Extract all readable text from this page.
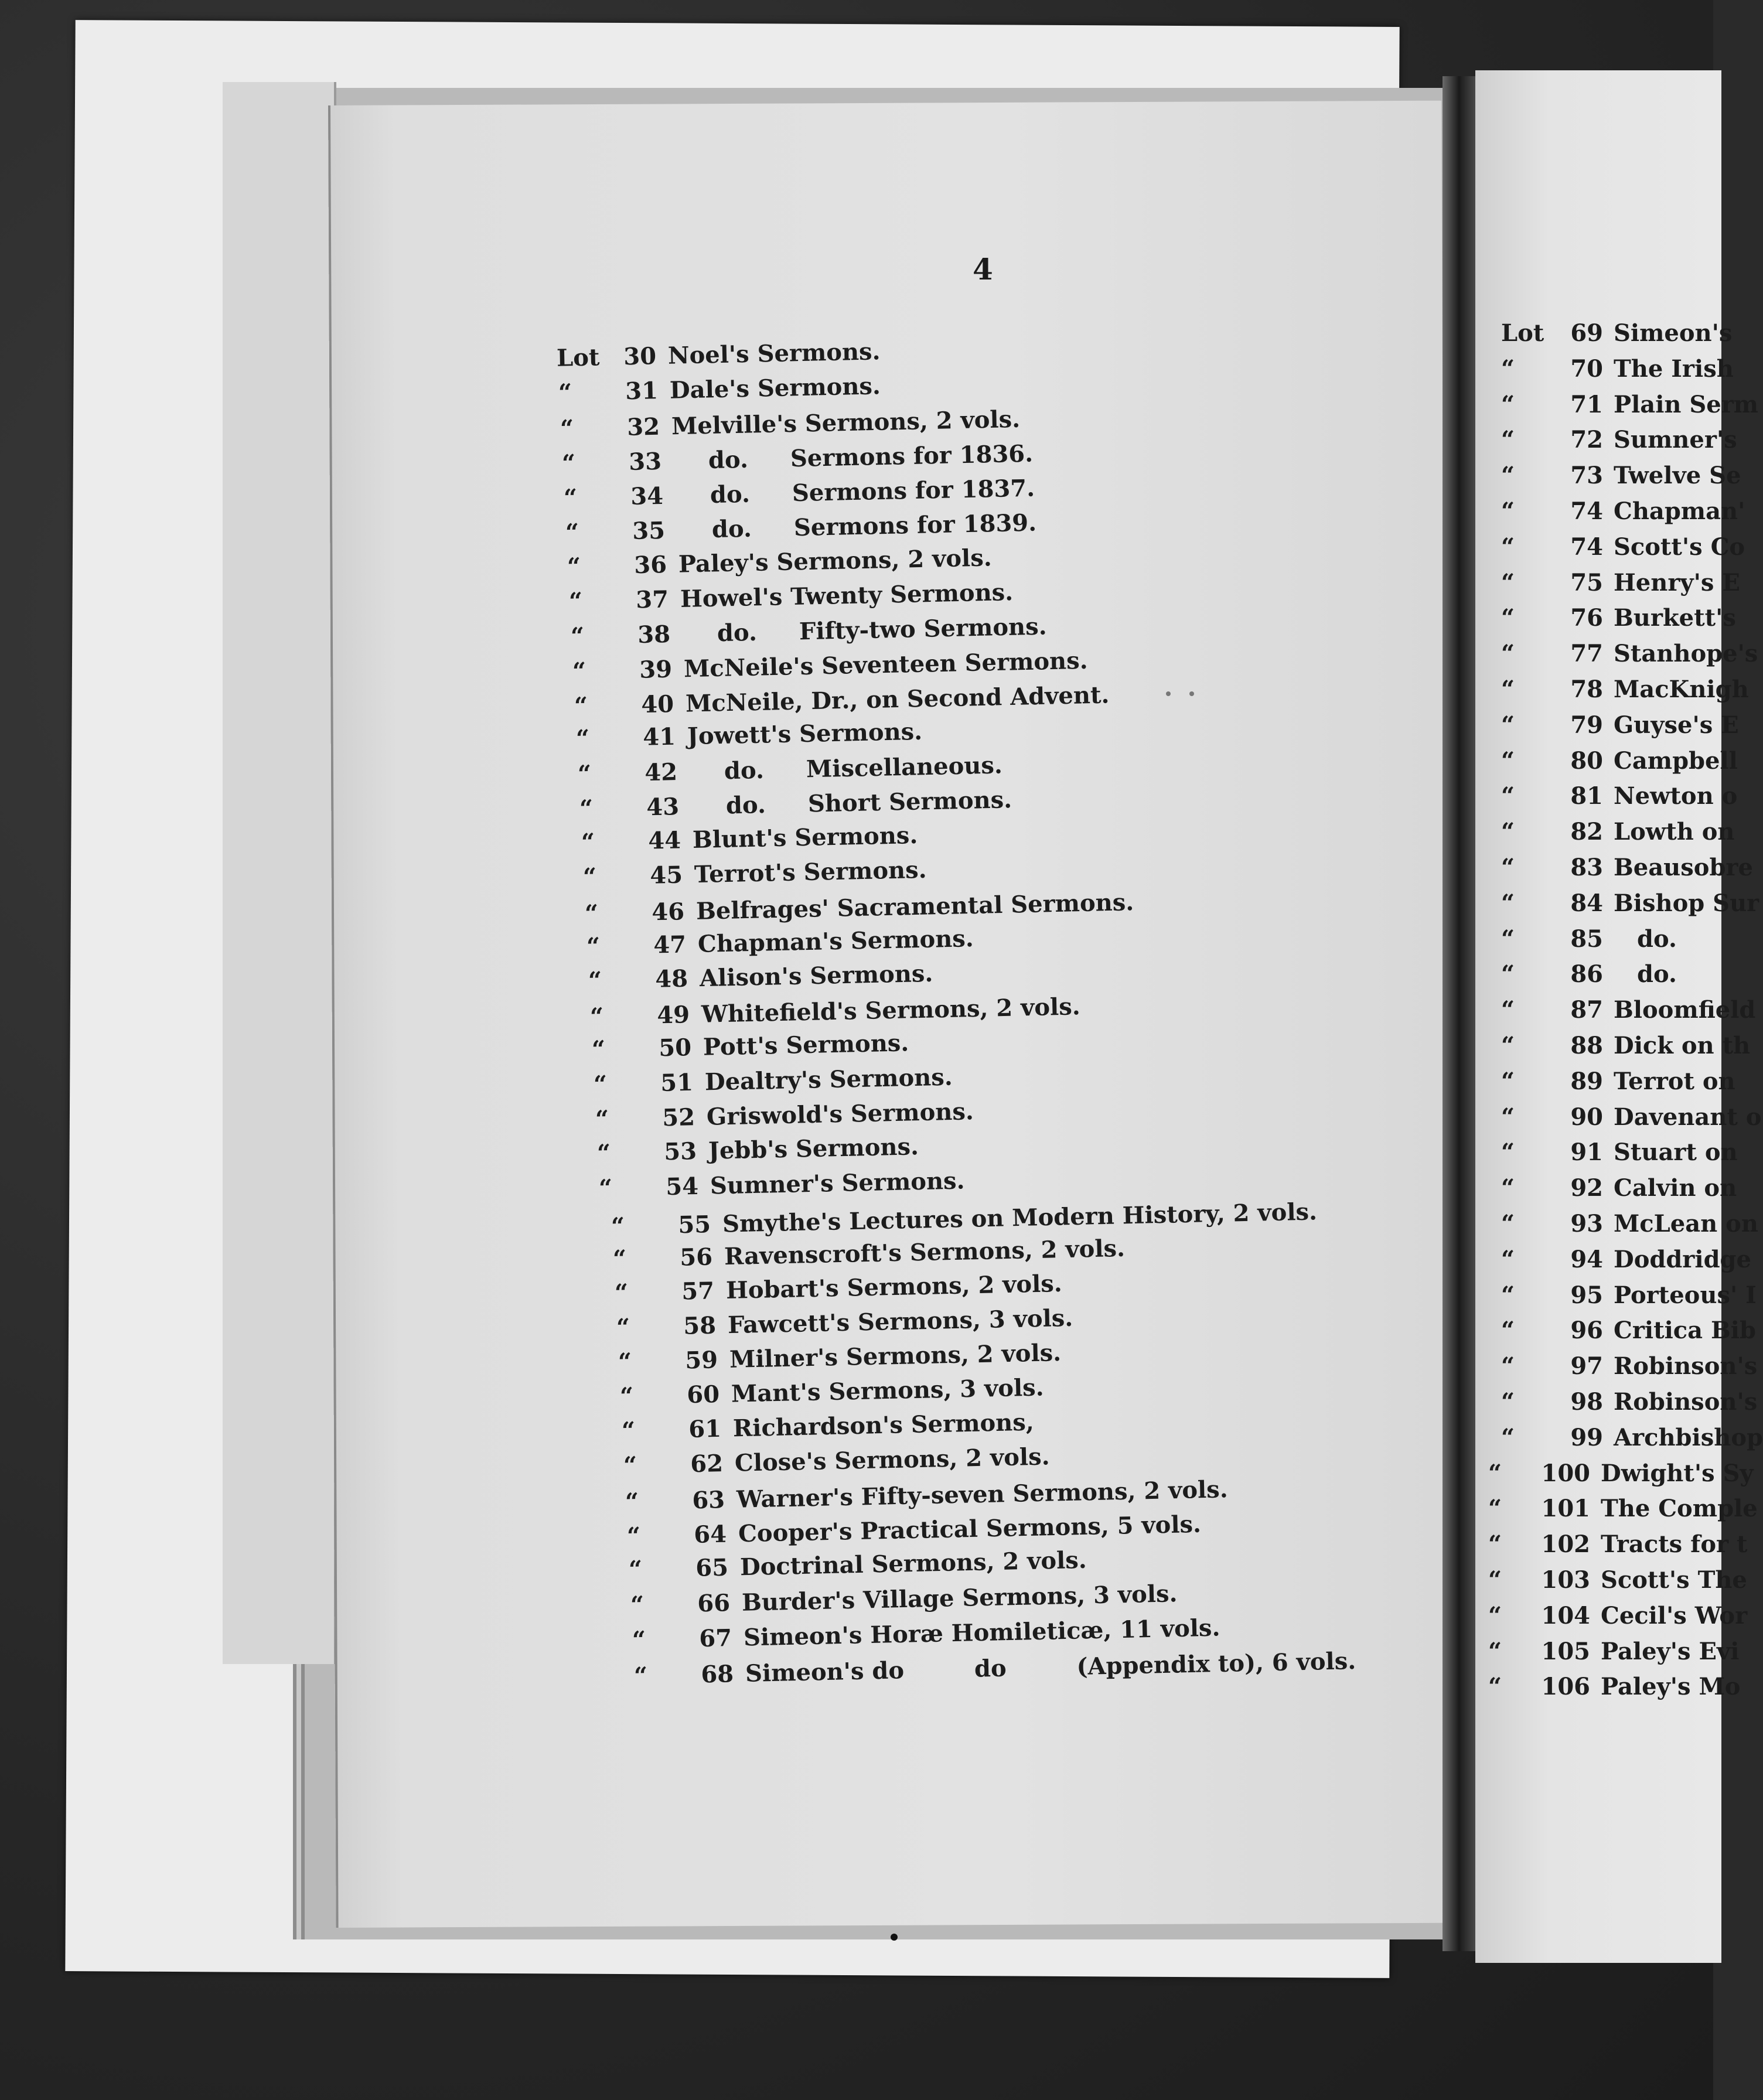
4
Lot 30 Noel's Sermons.
“ 31 Dale's Sermons.
“ 32 Melville's Sermons, 2 vols.
“ 33 do. Sermons for 1836.
“ 34 do. Sermons for 1837.
“ 35 do. Sermons for 1839.
“ 36 Paley's Sermons, 2 vols.
“ 37 Howel's Twenty Sermons.
“ 38 do. Fifty-two Sermons.
“ 39 McNeile's Seventeen Sermons.
“ 40 McNeile, Dr., on Second Advent.
“ 41 Jowett's Sermons.
“ 42 do. Miscellaneous.
“ 43 do. Short Sermons.
“ 44 Blunt's Sermons.
“ 45 Terrot's Sermons.
“ 46 Belfrages' Sacramental Sermons.
“ 47 Chapman's Sermons.
“ 48 Alison's Sermons.
“ 49 Whitefield's Sermons, 2 vols.
“ 50 Pott's Sermons.
“ 51 Dealtry's Sermons.
“ 52 Griswold's Sermons.
“ 53 Jebb's Sermons.
“ 54 Sumner's Sermons.
“ 55 Smythe's Lectures on Modern History, 2 vols.
“ 56 Ravenscroft's Sermons, 2 vols.
“ 57 Hobart's Sermons, 2 vols.
“ 58 Fawcett's Sermons, 3 vols.
“ 59 Milner's Sermons, 2 vols.
“ 60 Mant's Sermons, 3 vols.
“ 61 Richardson's Sermons,
“ 62 Close's Sermons, 2 vols.
“ 63 Warner's Fifty-seven Sermons, 2 vols.
“ 64 Cooper's Practical Sermons, 5 vols.
“ 65 Doctrinal Sermons, 2 vols.
“ 66 Burder's Village Sermons, 3 vols.
“ 67 Simeon's Horæ Homileticæ, 11 vols.
“ 68 Simeon's do	do	(Appendix to), 6 vols.
Lot 69 Simeon's
“ 70 The Irish
“ 71 Plain Serm
“ 72 Sumner's
“ 73 Twelve Se
“ 74 Chapman'
“ 74 Scott's Co
“ 75 Henry's E
“ 76 Burkett's
“ 77 Stanhope's
“ 78 MacKnigh
“ 79 Guyse's E
“ 80 Campbell
“ 81 Newton o
“ 82 Lowth on
“ 83 Beausobre
“ 84 Bishop Sur
“ 85 do.
“ 86 do.
“ 87 Bloomfield
“ 88 Dick on th
“ 89 Terrot on
“ 90 Davenant o
“ 91 Stuart on
“ 92 Calvin on
“ 93 McLean on
“ 94 Doddridge
“ 95 Porteous' I
“ 96 Critica Bib
“ 97 Robinson's
“ 98 Robinson's
“ 99 Archbishop
“ 100 Dwight's Sy
“ 101 The Comple
“ 102 Tracts for t
“ 103 Scott's The
“ 104 Cecil's Wor
“ 105 Paley's Evi
“ 106 Paley's Mo
